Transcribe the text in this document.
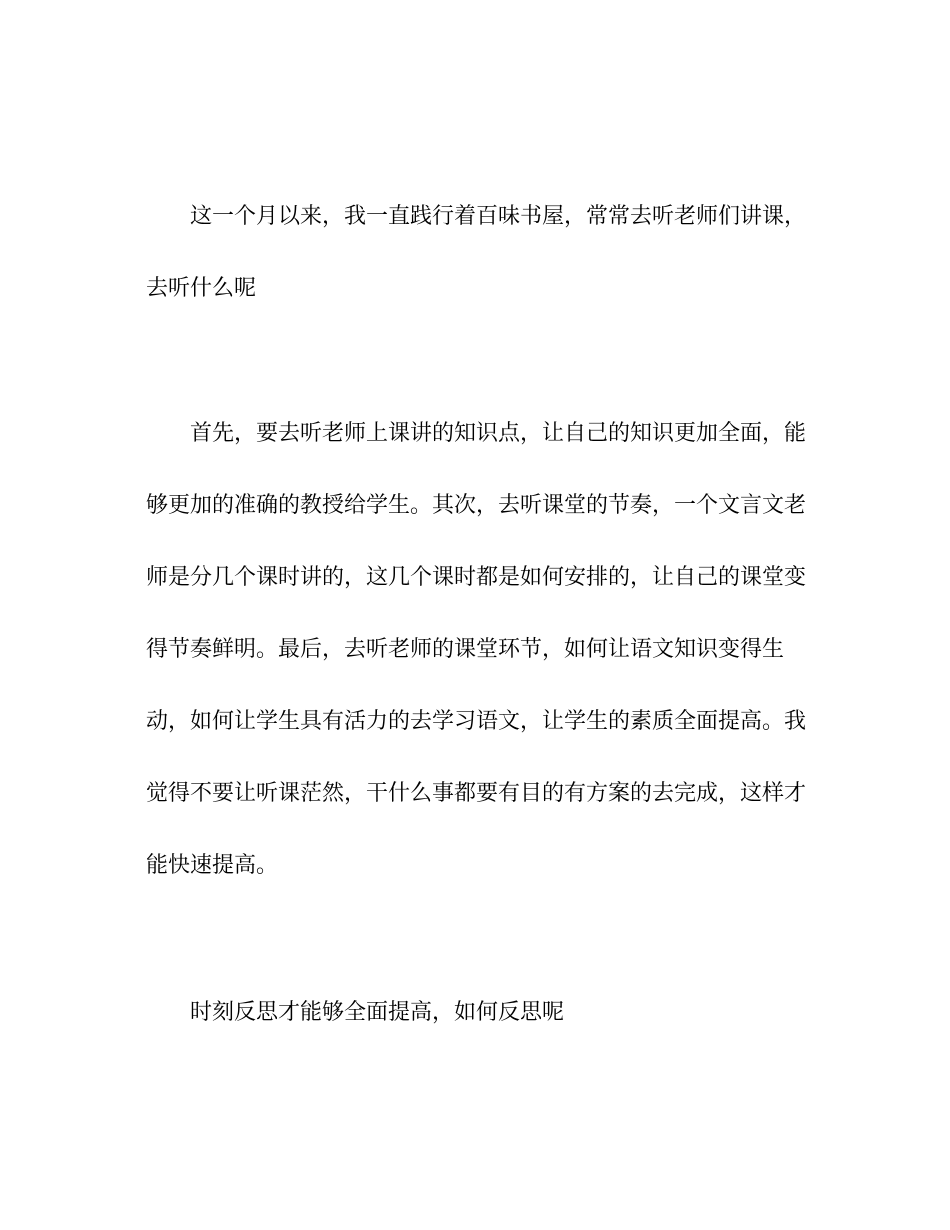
这一个月以来，我一直践行着百味书屋，常常去听老师们讲课，

去听什么呢

首先，要去听老师上课讲的知识点，让自己的知识更加全面，能

够更加的准确的教授给学生。其次，去听课堂的节奏，一个文言文老

师是分几个课时讲的，这几个课时都是如何安排的，让自己的课堂变

得节奏鲜明。最后，去听老师的课堂环节，如何让语文知识变得生

动，如何让学生具有活力的去学习语文，让学生的素质全面提高。我

觉得不要让听课茫然，干什么事都要有目的有方案的去完成，这样才

能快速提高。

时刻反思才能够全面提高，如何反思呢
